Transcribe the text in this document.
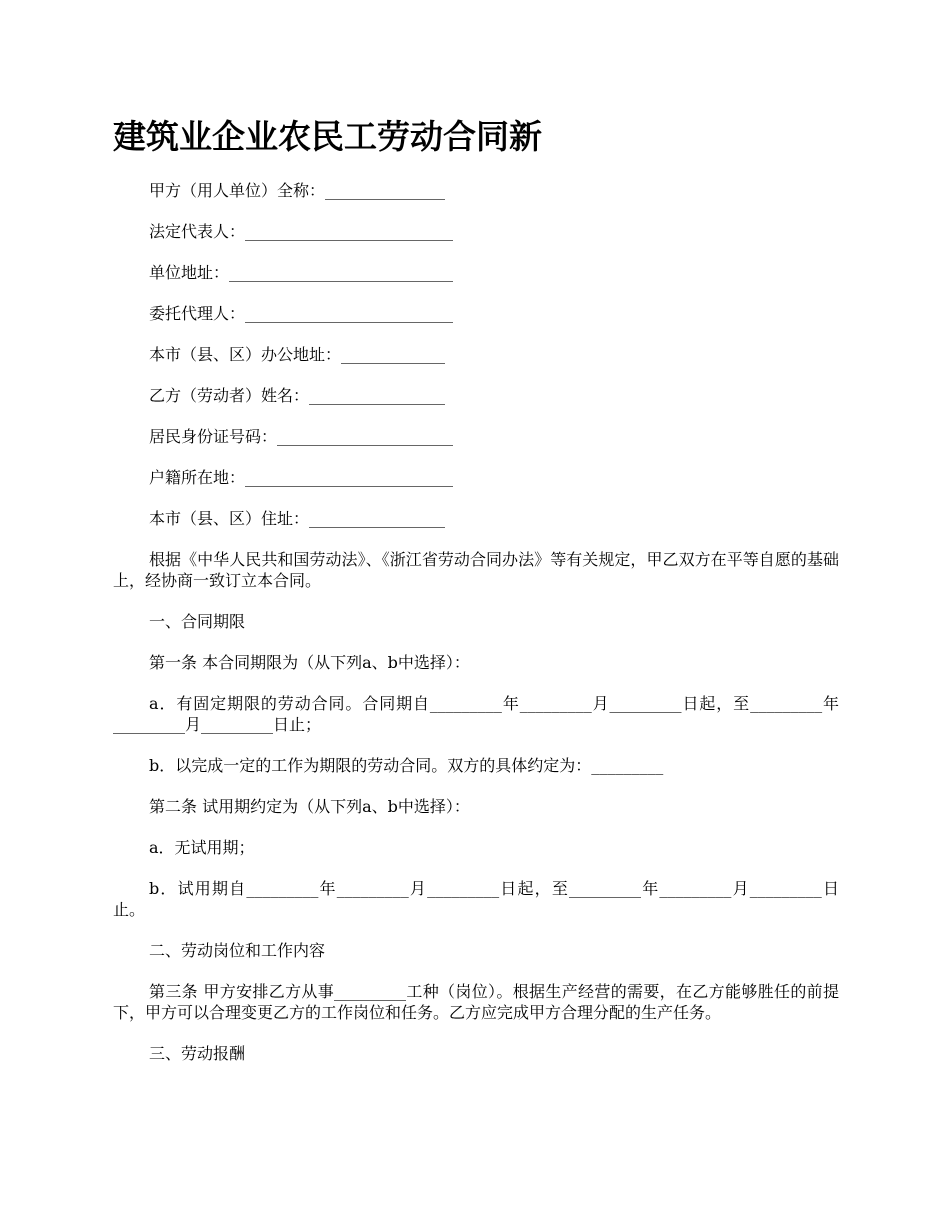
建筑业企业农民工劳动合同新
甲方（用人单位）全称：_______________
法定代表人：__________________________
单位地址：____________________________
委托代理人：__________________________
本市（县、区）办公地址：_____________
乙方（劳动者）姓名：_________________
居民身份证号码：______________________
户籍所在地：__________________________
本市（县、区）住址：_________________

根据《中华人民共和国劳动法》、《浙江省劳动合同办法》等有关规定，甲乙双方在平等自愿的基础上，经协商一致订立本合同。

一、合同期限

第一条 本合同期限为（从下列a、b中选择）：

a．有固定期限的劳动合同。合同期自_________年_________月_________日起，至_________年_________月_________日止；

b．以完成一定的工作为期限的劳动合同。双方的具体约定为：_________

第二条 试用期约定为（从下列a、b中选择）：

a．无试用期；

b．试用期自_________年_________月_________日起，至_________年_________月_________日止。

二、劳动岗位和工作内容

第三条 甲方安排乙方从事_________工种（岗位）。根据生产经营的需要，在乙方能够胜任的前提下，甲方可以合理变更乙方的工作岗位和任务。乙方应完成甲方合理分配的生产任务。

三、劳动报酬
